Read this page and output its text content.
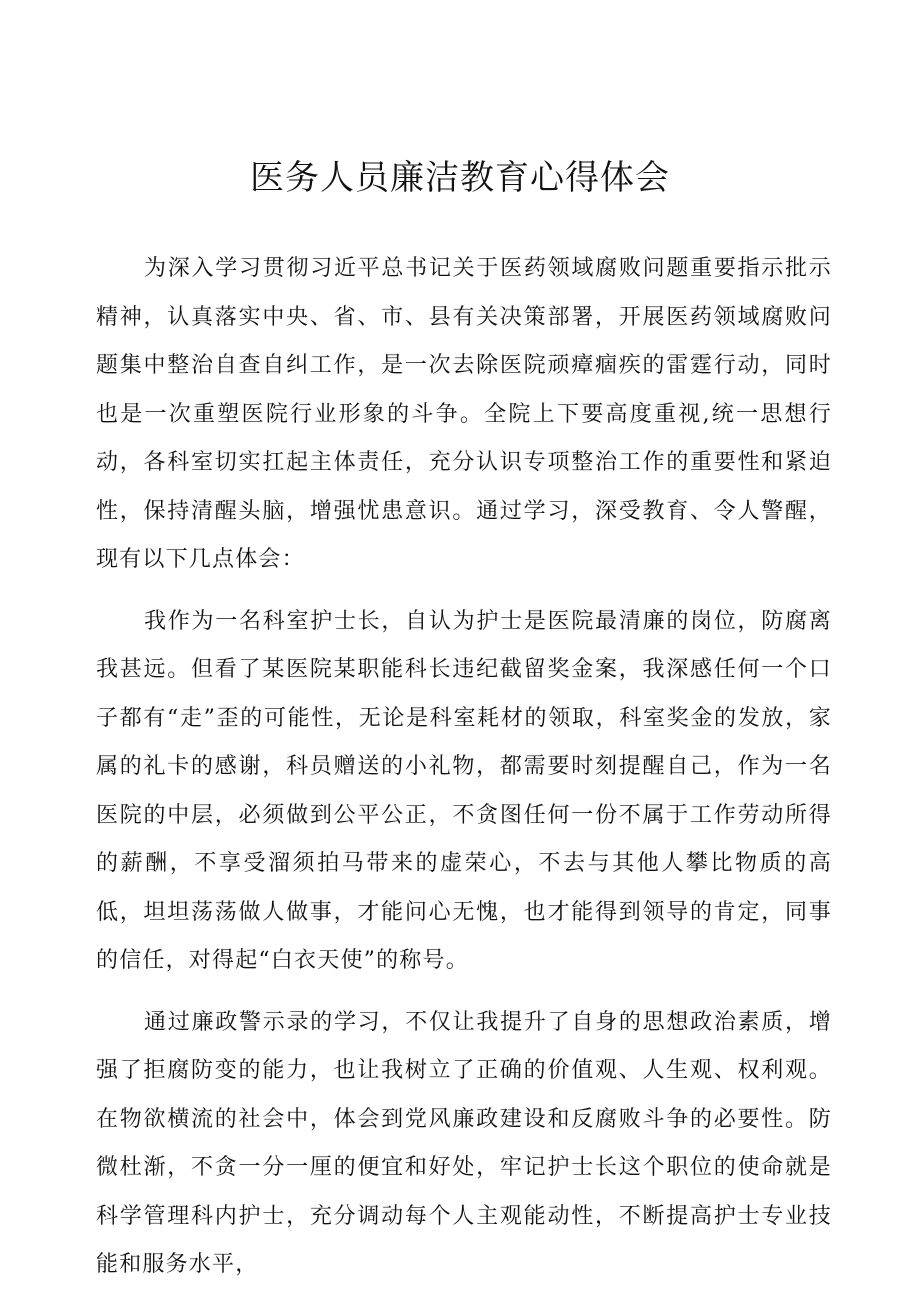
医务人员廉洁教育心得体会

为深入学习贯彻习近平总书记关于医药领域腐败问题重要指示批示精神，认真落实中央、省、市、县有关决策部署，开展医药领域腐败问题集中整治自查自纠工作，是一次去除医院顽瘴痼疾的雷霆行动，同时也是一次重塑医院行业形象的斗争。全院上下要高度重视,统一思想行动，各科室切实扛起主体责任，充分认识专项整治工作的重要性和紧迫性，保持清醒头脑，增强忧患意识。通过学习，深受教育、令人警醒，现有以下几点体会：

我作为一名科室护士长，自认为护士是医院最清廉的岗位，防腐离我甚远。但看了某医院某职能科长违纪截留奖金案，我深感任何一个口子都有“走”歪的可能性，无论是科室耗材的领取，科室奖金的发放，家属的礼卡的感谢，科员赠送的小礼物，都需要时刻提醒自己，作为一名医院的中层，必须做到公平公正，不贪图任何一份不属于工作劳动所得的薪酬，不享受溜须拍马带来的虚荣心，不去与其他人攀比物质的高低，坦坦荡荡做人做事，才能问心无愧，也才能得到领导的肯定，同事的信任，对得起“白衣天使”的称号。

通过廉政警示录的学习，不仅让我提升了自身的思想政治素质，增强了拒腐防变的能力，也让我树立了正确的价值观、人生观、权利观。在物欲横流的社会中，体会到党风廉政建设和反腐败斗争的必要性。防微杜渐，不贪一分一厘的便宜和好处，牢记护士长这个职位的使命就是科学管理科内护士，充分调动每个人主观能动性，不断提高护士专业技能和服务水平，
